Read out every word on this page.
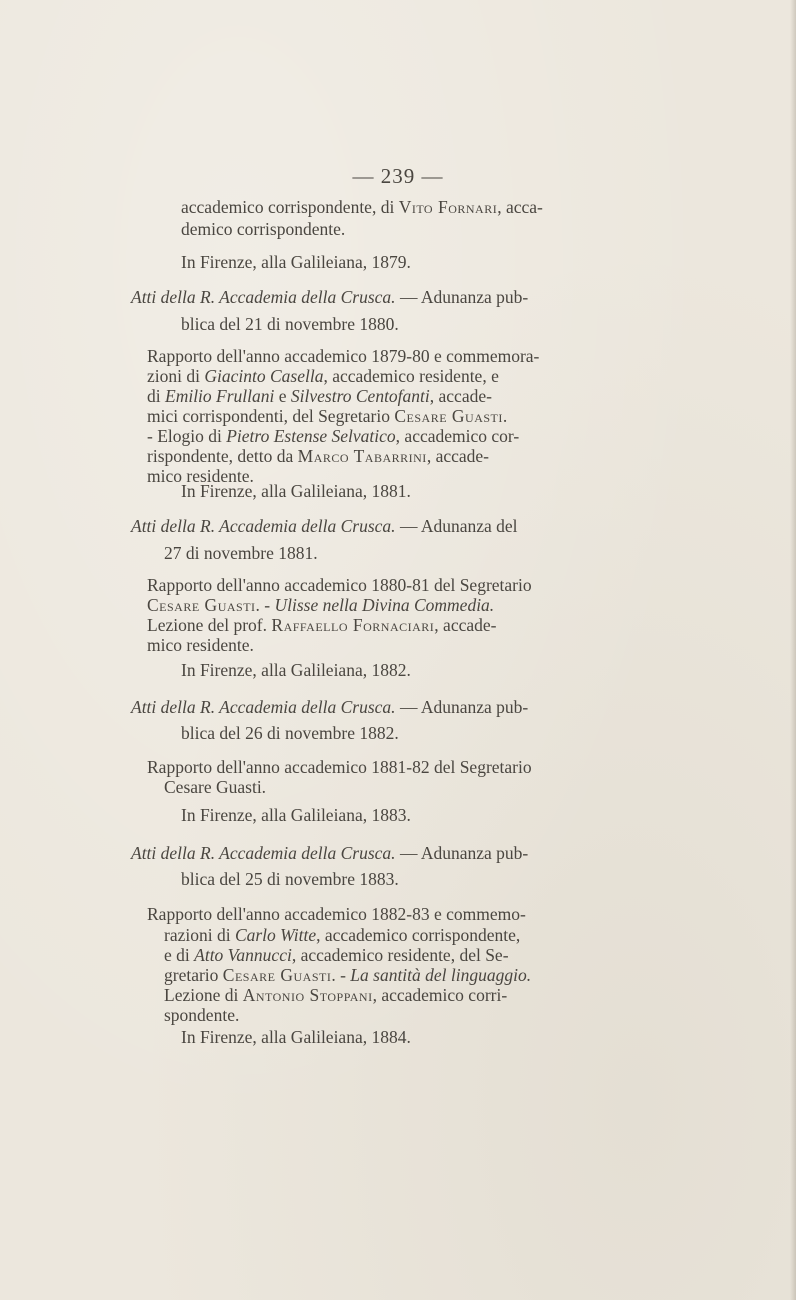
— 239 —
accademico corrispondente, di Vito Fornari, acca-
demico corrispondente.
In Firenze, alla Galileiana, 1879.
Atti della R. Accademia della Crusca. — Adunanza pub-
blica del 21 di novembre 1880.
Rapporto dell'anno accademico 1879-80 e commemora-
zioni di Giacinto Casella, accademico residente, e
di Emilio Frullani e Silvestro Centofanti, accade-
mici corrispondenti, del Segretario Cesare Guasti.
- Elogio di Pietro Estense Selvatico, accademico cor-
rispondente, detto da Marco Tabarrini, accade-
mico residente.
In Firenze, alla Galileiana, 1881.
Atti della R. Accademia della Crusca. — Adunanza del
27 di novembre 1881.
Rapporto dell'anno accademico 1880-81 del Segretario
Cesare Guasti. - Ulisse nella Divina Commedia.
Lezione del prof. Raffaello Fornaciari, accade-
mico residente.
In Firenze, alla Galileiana, 1882.
Atti della R. Accademia della Crusca. — Adunanza pub-
blica del 26 di novembre 1882.
Rapporto dell'anno accademico 1881-82 del Segretario
Cesare Guasti.
In Firenze, alla Galileiana, 1883.
Atti della R. Accademia della Crusca. — Adunanza pub-
blica del 25 di novembre 1883.
Rapporto dell'anno accademico 1882-83 e commemo-
razioni di Carlo Witte, accademico corrispondente,
e di Atto Vannucci, accademico residente, del Se-
gretario Cesare Guasti. - La santità del linguaggio.
Lezione di Antonio Stoppani, accademico corri-
spondente.
In Firenze, alla Galileiana, 1884.
